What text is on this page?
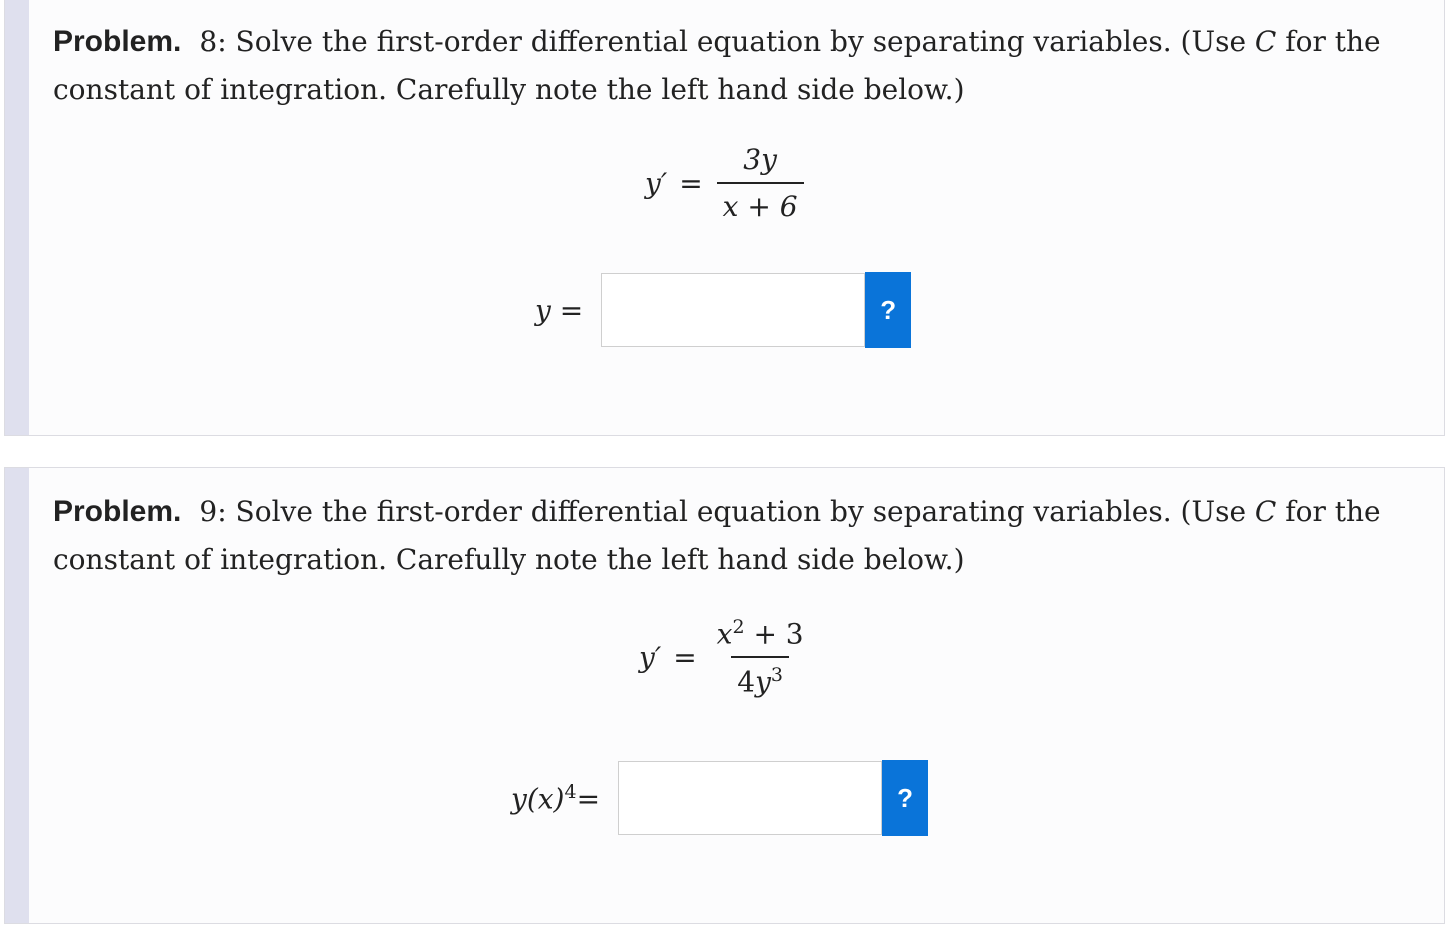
Problem. 8: Solve the first-order differential equation by separating variables. (Use C for the constant of integration. Carefully note the left hand side below.)
$y' = \frac{3y}{x + 6}$
y =	?
Problem. 9: Solve the first-order differential equation by separating variables. (Use C for the constant of integration. Carefully note the left hand side below.)
$y' = \frac{x^2 + 3}{4y^3}$
$y(x)^4=$	?
